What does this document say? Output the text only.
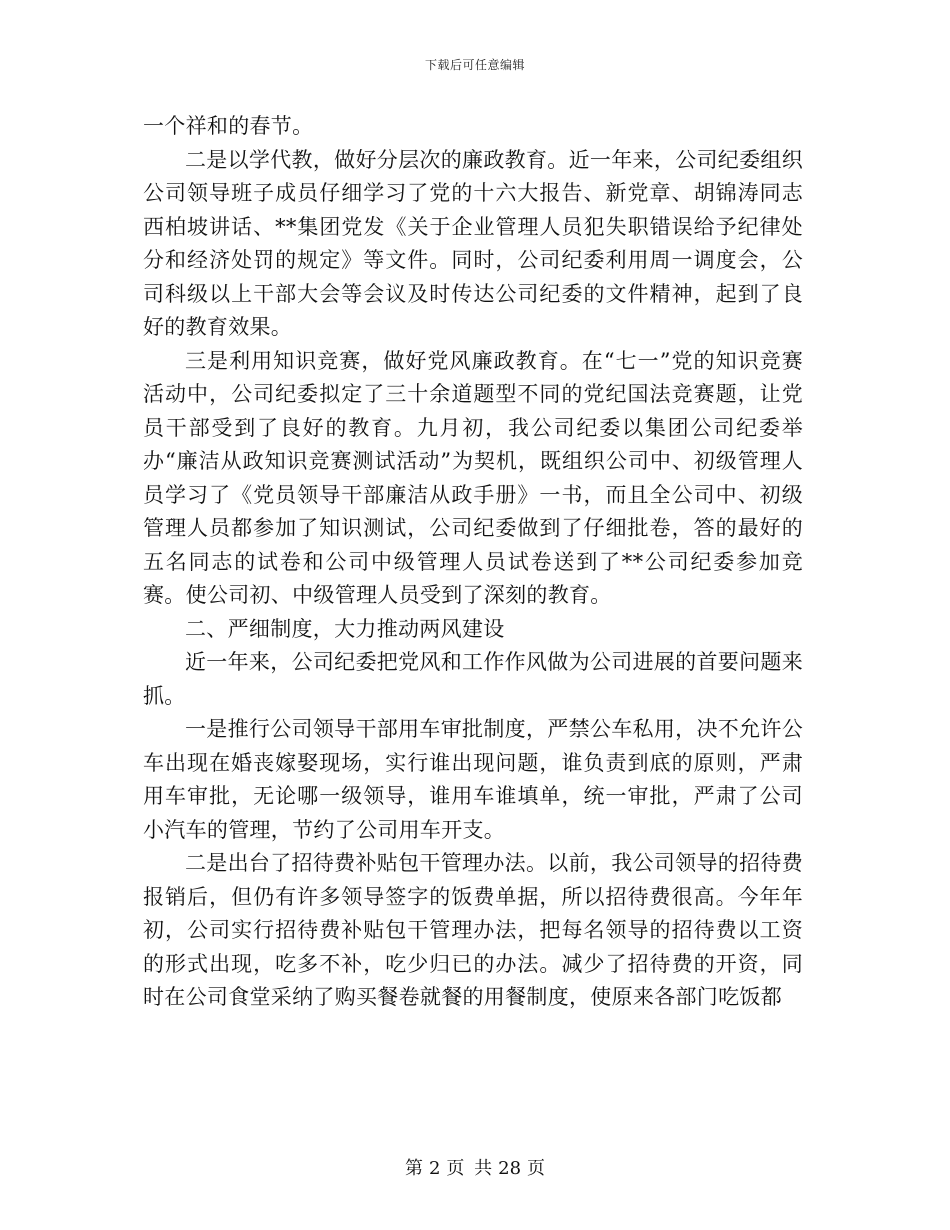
下载后可任意编辑

一个祥和的春节。

二是以学代教，做好分层次的廉政教育。近一年来，公司纪委组织公司领导班子成员仔细学习了党的十六大报告、新党章、胡锦涛同志西柏坡讲话、**集团党发《关于企业管理人员犯失职错误给予纪律处分和经济处罚的规定》等文件。同时，公司纪委利用周一调度会，公司科级以上干部大会等会议及时传达公司纪委的文件精神，起到了良好的教育效果。

三是利用知识竞赛，做好党风廉政教育。在“七一”党的知识竞赛活动中，公司纪委拟定了三十余道题型不同的党纪国法竞赛题，让党员干部受到了良好的教育。九月初，我公司纪委以集团公司纪委举办“廉洁从政知识竞赛测试活动”为契机，既组织公司中、初级管理人员学习了《党员领导干部廉洁从政手册》一书，而且全公司中、初级管理人员都参加了知识测试，公司纪委做到了仔细批卷，答的最好的五名同志的试卷和公司中级管理人员试卷送到了**公司纪委参加竞赛。使公司初、中级管理人员受到了深刻的教育。

二、严细制度，大力推动两风建设

近一年来，公司纪委把党风和工作作风做为公司进展的首要问题来抓。

一是推行公司领导干部用车审批制度，严禁公车私用，决不允许公车出现在婚丧嫁娶现场，实行谁出现问题，谁负责到底的原则，严肃用车审批，无论哪一级领导，谁用车谁填单，统一审批，严肃了公司小汽车的管理，节约了公司用车开支。

二是出台了招待费补贴包干管理办法。以前，我公司领导的招待费报销后，但仍有许多领导签字的饭费单据，所以招待费很高。今年年初，公司实行招待费补贴包干管理办法，把每名领导的招待费以工资的形式出现，吃多不补，吃少归已的办法。减少了招待费的开资，同时在公司食堂采纳了购买餐卷就餐的用餐制度，使原来各部门吃饭都

第 2 页 共 28 页
